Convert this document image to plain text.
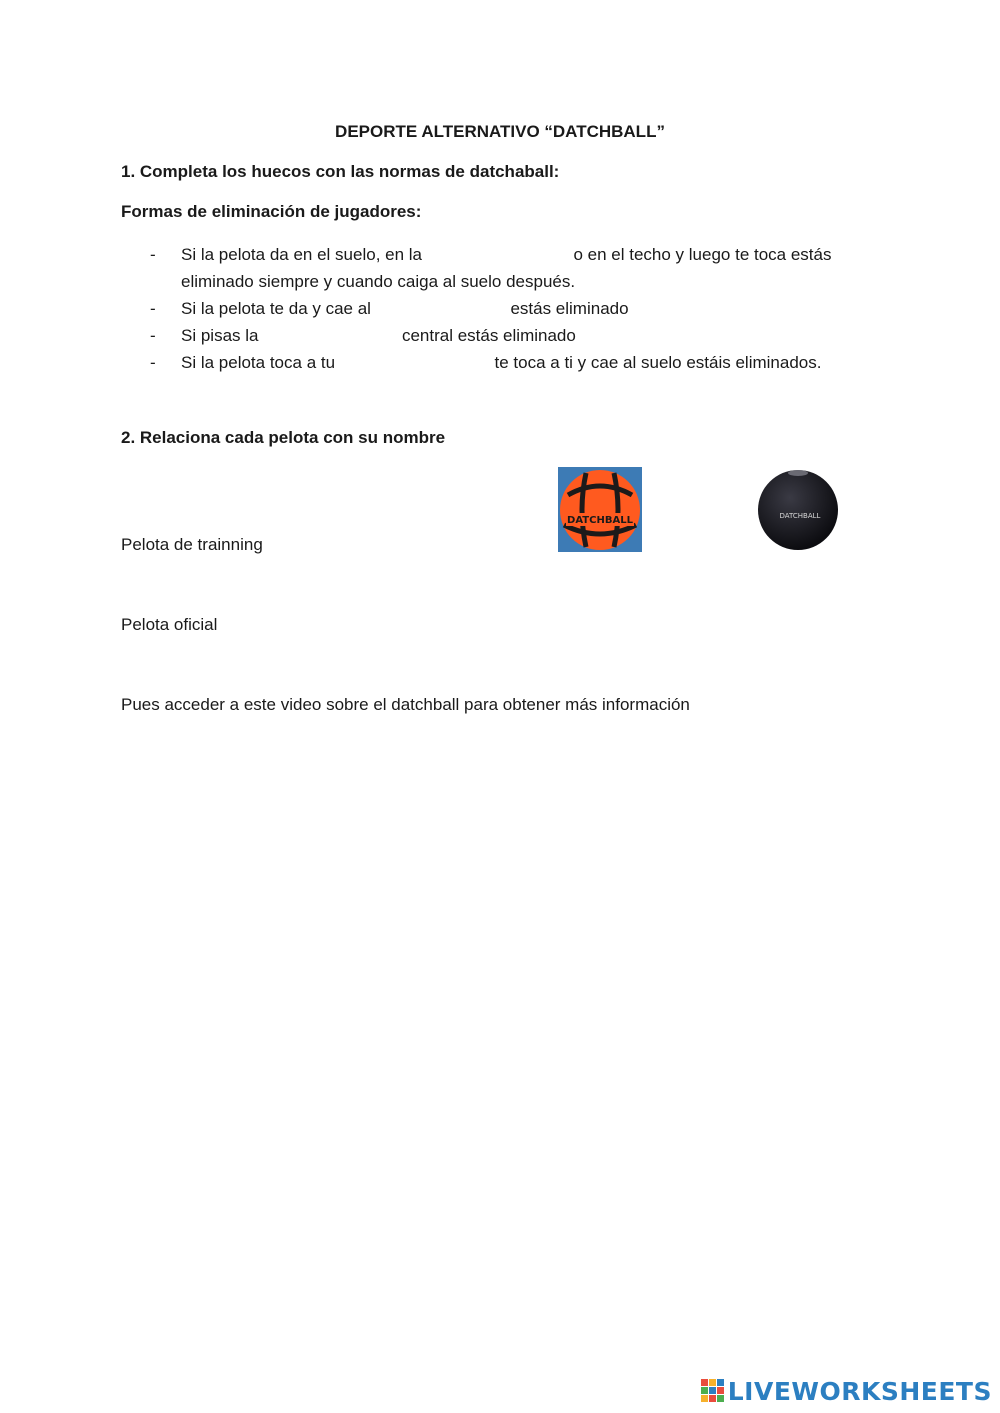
DEPORTE ALTERNATIVO “DATCHBALL”
1. Completa los huecos con las normas de datchaball:
Formas de eliminación de jugadores:
- Si la pelota da en el suelo, en la	o en el techo y luego te toca estás
eliminado siempre y cuando caiga al suelo después.
- Si la pelota te da y cae al	estás eliminado
- Si pisas la	central estás eliminado
- Si la pelota toca a tu	te toca a ti y cae al suelo estáis eliminados.
2. Relaciona cada pelota con su nombre
DATCHBALL	DATCHBALL
Pelota de trainning
Pelota oficial
Pues acceder a este video sobre el datchball para obtener más información
LIVEWORKSHEETS
